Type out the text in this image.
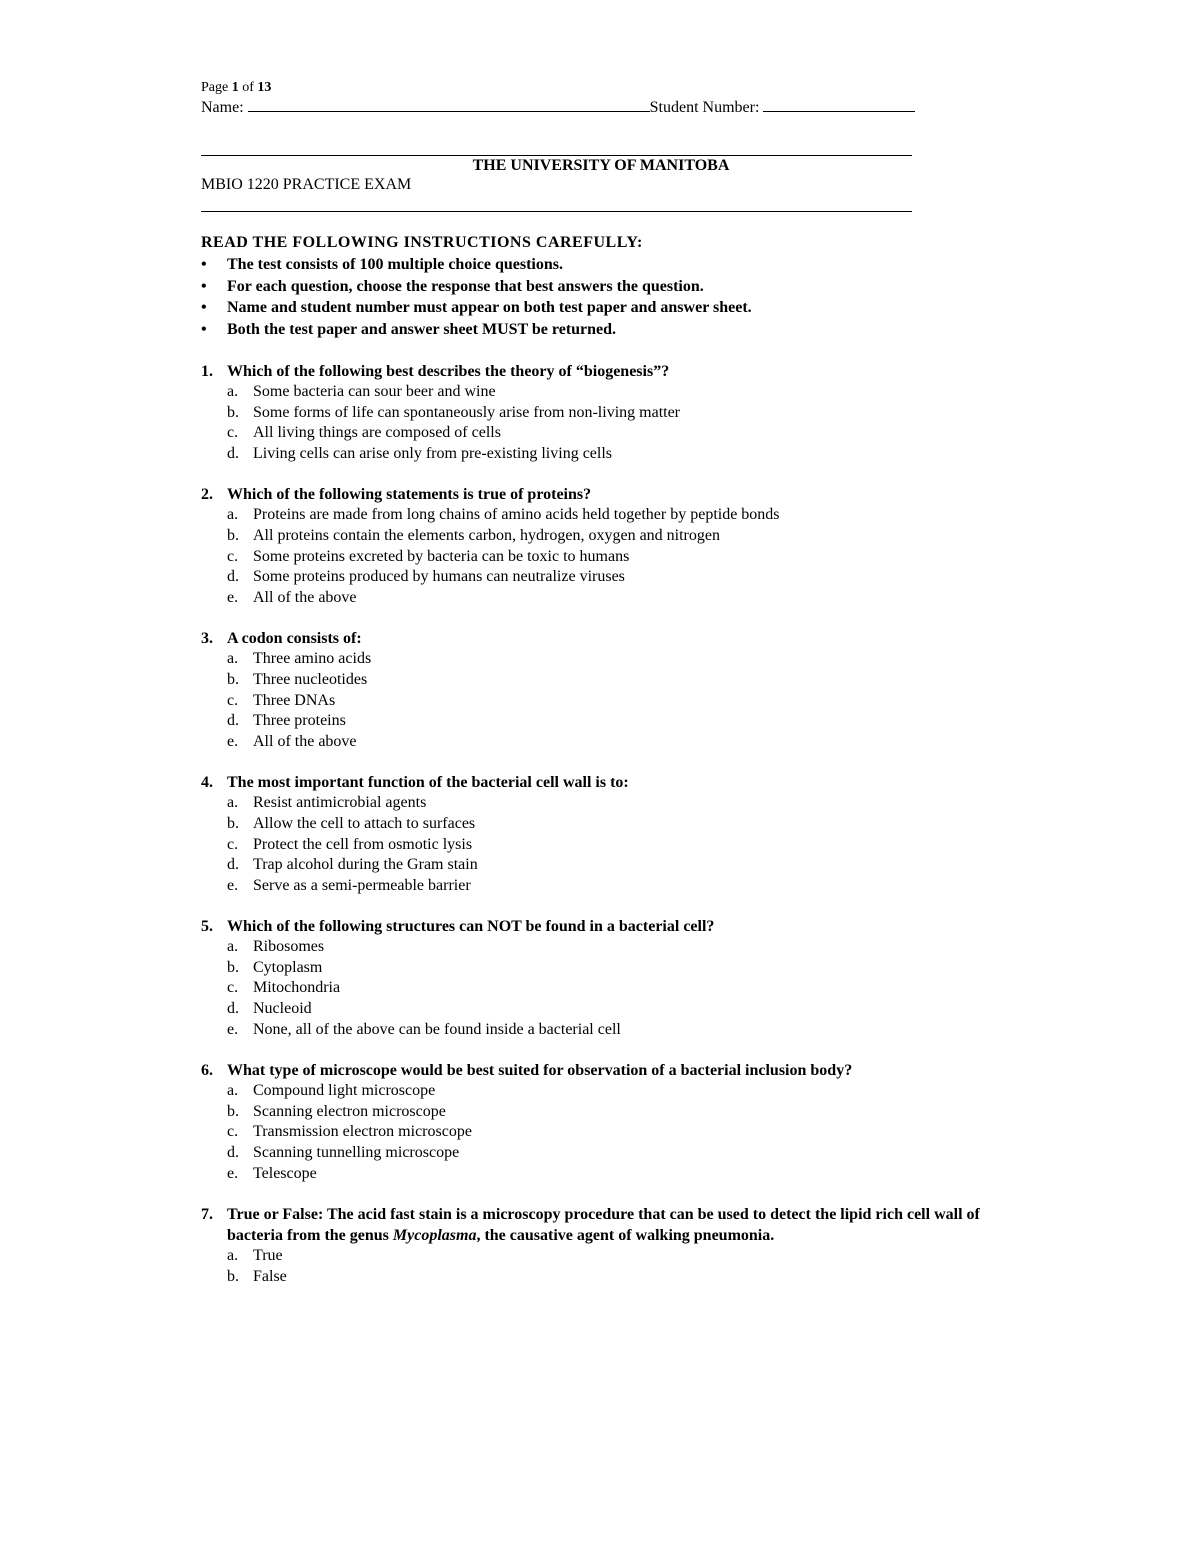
Page 1 of 13
Name:	Student Number:
THE UNIVERSITY OF MANITOBA
MBIO 1220 PRACTICE EXAM
READ THE FOLLOWING INSTRUCTIONS CAREFULLY:
• The test consists of 100 multiple choice questions.
• For each question, choose the response that best answers the question.
• Name and student number must appear on both test paper and answer sheet.
• Both the test paper and answer sheet MUST be returned.
1. Which of the following best describes the theory of “biogenesis”?
a. Some bacteria can sour beer and wine
b. Some forms of life can spontaneously arise from non-living matter
c. All living things are composed of cells
d. Living cells can arise only from pre-existing living cells
2. Which of the following statements is true of proteins?
a. Proteins are made from long chains of amino acids held together by peptide bonds
b. All proteins contain the elements carbon, hydrogen, oxygen and nitrogen
c. Some proteins excreted by bacteria can be toxic to humans
d. Some proteins produced by humans can neutralize viruses
e. All of the above
3. A codon consists of:
a. Three amino acids
b. Three nucleotides
c. Three DNAs
d. Three proteins
e. All of the above
4. The most important function of the bacterial cell wall is to:
a. Resist antimicrobial agents
b. Allow the cell to attach to surfaces
c. Protect the cell from osmotic lysis
d. Trap alcohol during the Gram stain
e. Serve as a semi-permeable barrier
5. Which of the following structures can NOT be found in a bacterial cell?
a. Ribosomes
b. Cytoplasm
c. Mitochondria
d. Nucleoid
e. None, all of the above can be found inside a bacterial cell
6. What type of microscope would be best suited for observation of a bacterial inclusion body?
a. Compound light microscope
b. Scanning electron microscope
c. Transmission electron microscope
d. Scanning tunnelling microscope
e. Telescope
7. True or False: The acid fast stain is a microscopy procedure that can be used to detect the lipid rich cell wall of bacteria from the genus Mycoplasma, the causative agent of walking pneumonia.
a. True
b. False
